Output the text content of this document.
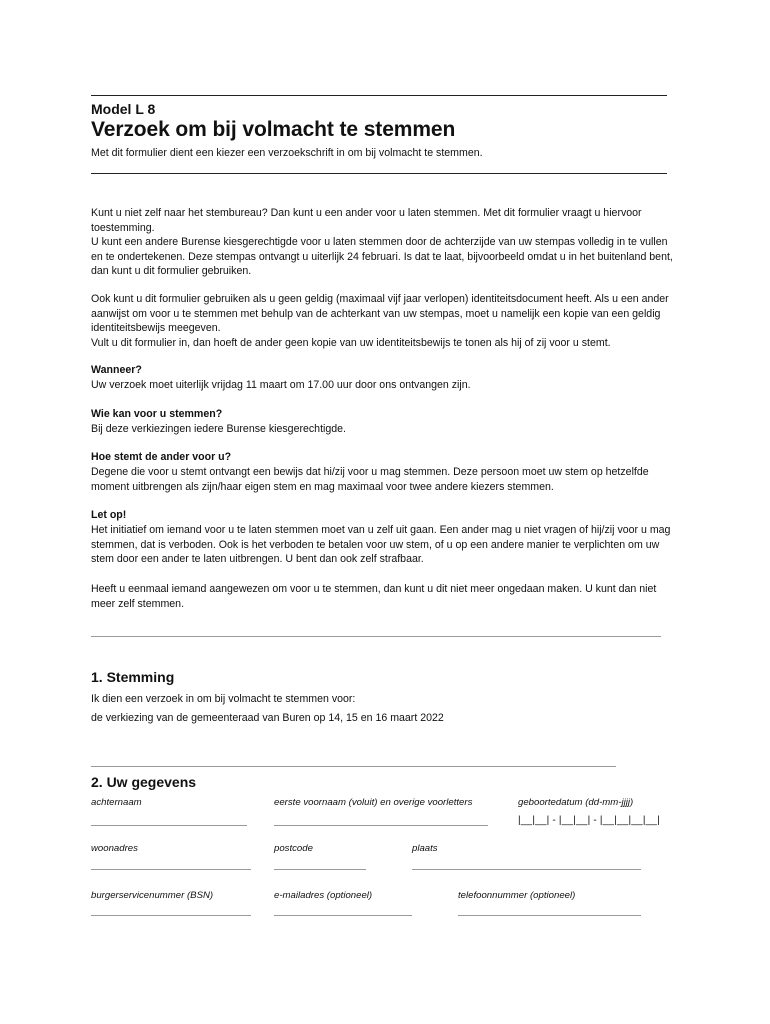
Model L 8
Verzoek om bij volmacht te stemmen
Met dit formulier dient een kiezer een verzoekschrift in om bij volmacht te stemmen.

Kunt u niet zelf naar het stembureau? Dan kunt u een ander voor u laten stemmen. Met dit formulier vraagt u hiervoor toestemming.

U kunt een andere Burense kiesgerechtigde voor u laten stemmen door de achterzijde van uw stempas volledig in te vullen en te ondertekenen. Deze stempas ontvangt u uiterlijk 24 februari. Is dat te laat, bijvoorbeeld omdat u in het buitenland bent, dan kunt u dit formulier gebruiken.

Ook kunt u dit formulier gebruiken als u geen geldig (maximaal vijf jaar verlopen) identiteitsdocument heeft. Als u een ander aanwijst om voor u te stemmen met behulp van de achterkant van uw stempas, moet u namelijk een kopie van een geldig identiteitsbewijs meegeven.

Vult u dit formulier in, dan hoeft de ander geen kopie van uw identiteitsbewijs te tonen als hij of zij voor u stemt.

Wanneer?

Uw verzoek moet uiterlijk vrijdag 11 maart om 17.00 uur door ons ontvangen zijn.

Wie kan voor u stemmen?

Bij deze verkiezingen iedere Burense kiesgerechtigde.

Hoe stemt de ander voor u?

Degene die voor u stemt ontvangt een bewijs dat hi/zij voor u mag stemmen. Deze persoon moet uw stem op hetzelfde moment uitbrengen als zijn/haar eigen stem en mag maximaal voor twee andere kiezers stemmen.

Let op!

Het initiatief om iemand voor u te laten stemmen moet van u zelf uit gaan. Een ander mag u niet vragen of hij/zij voor u mag stemmen, dat is verboden. Ook is het verboden te betalen voor uw stem, of u op een andere manier te verplichten om uw stem door een ander te laten uitbrengen. U bent dan ook zelf strafbaar.

Heeft u eenmaal iemand aangewezen om voor u te stemmen, dan kunt u dit niet meer ongedaan maken. U kunt dan niet meer zelf stemmen.

1. Stemming
Ik dien een verzoek in om bij volmacht te stemmen voor:
de verkiezing van de gemeenteraad van Buren op 14, 15 en 16 maart 2022
2. Uw gegevens
achternaam	eerste voornaam (voluit) en overige voorletters	geboortedatum (dd-mm-jjjj)
|__|__| - |__|__| - |__|__|__|__|
woonadres	postcode	plaats
burgerservicenummer (BSN)	e-mailadres (optioneel)	telefoonnummer (optioneel)
